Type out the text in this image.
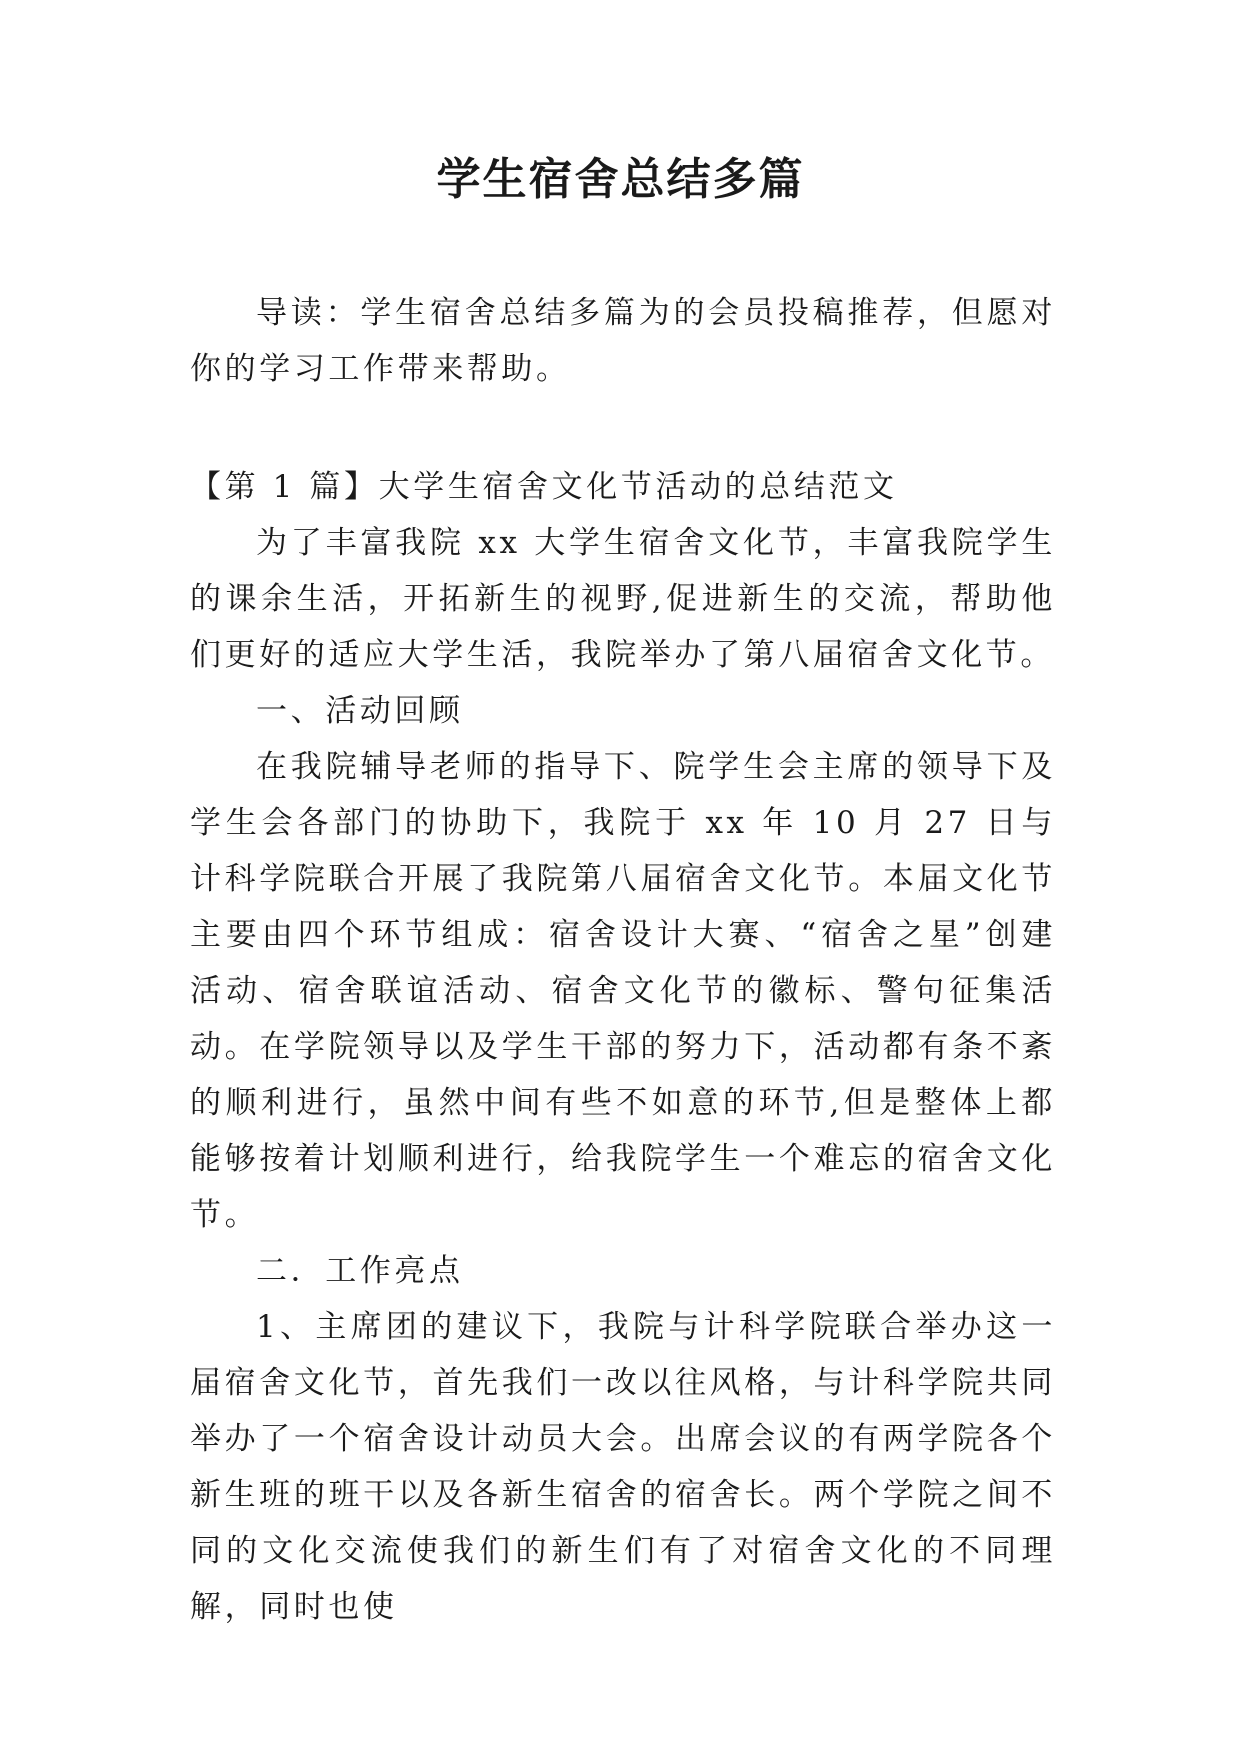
学生宿舍总结多篇

导读：学生宿舍总结多篇为的会员投稿推荐，但愿对你的学习工作带来帮助。

【第 1 篇】大学生宿舍文化节活动的总结范文

为了丰富我院 xx 大学生宿舍文化节，丰富我院学生的课余生活，开拓新生的视野,促进新生的交流，帮助他们更好的适应大学生活，我院举办了第八届宿舍文化节。

一、活动回顾

在我院辅导老师的指导下、院学生会主席的领导下及学生会各部门的协助下，我院于 xx 年 10 月 27 日与计科学院联合开展了我院第八届宿舍文化节。本届文化节主要由四个环节组成：宿舍设计大赛、“宿舍之星”创建活动、宿舍联谊活动、宿舍文化节的徽标、警句征集活动。在学院领导以及学生干部的努力下，活动都有条不紊的顺利进行，虽然中间有些不如意的环节,但是整体上都能够按着计划顺利进行，给我院学生一个难忘的宿舍文化节。

二．工作亮点

1、主席团的建议下，我院与计科学院联合举办这一届宿舍文化节，首先我们一改以往风格，与计科学院共同举办了一个宿舍设计动员大会。出席会议的有两学院各个新生班的班干以及各新生宿舍的宿舍长。两个学院之间不同的文化交流使我们的新生们有了对宿舍文化的不同理解，同时也使
